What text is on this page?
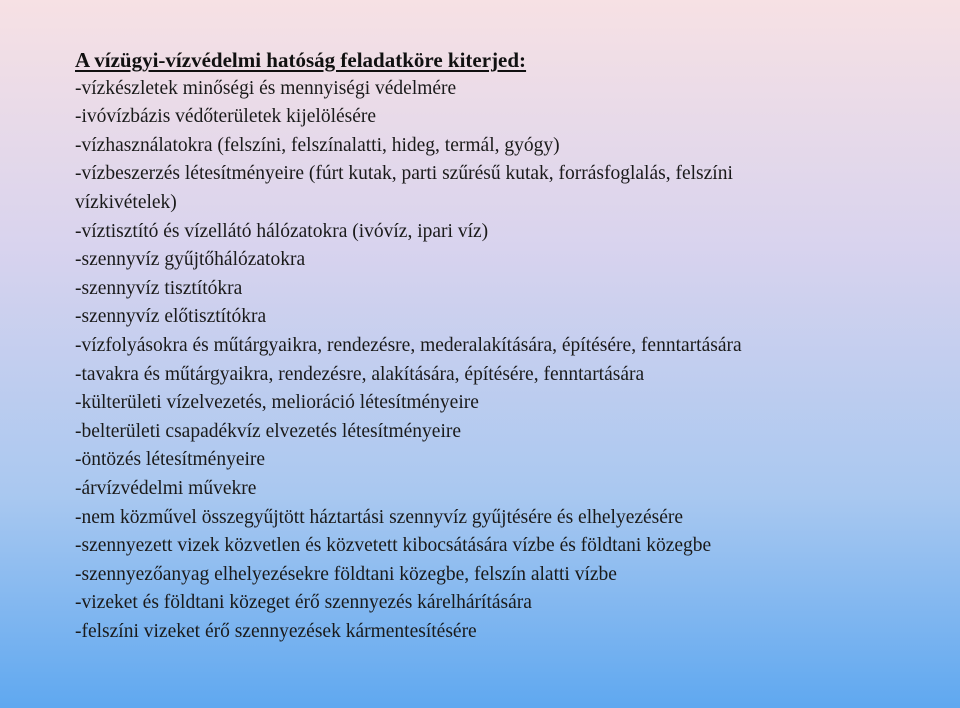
A vízügyi-vízvédelmi hatóság feladatköre kiterjed:
-vízkészletek minőségi és mennyiségi védelmére
-ivóvízbázis védőterületek kijelölésére
-vízhasználatokra (felszíni, felszínalatti, hideg, termál, gyógy)
-vízbeszerzés létesítményeire (fúrt kutak, parti szűrésű kutak, forrásfoglalás, felszíni
vízkivételek)
-víztisztító és vízellátó hálózatokra (ivóvíz, ipari víz)
-szennyvíz gyűjtőhálózatokra
-szennyvíz tisztítókra
-szennyvíz előtisztítókra
-vízfolyásokra és műtárgyaikra, rendezésre, mederalakítására, építésére, fenntartására
-tavakra és műtárgyaikra, rendezésre, alakítására, építésére, fenntartására
-külterületi vízelvezetés, melioráció létesítményeire
-belterületi csapadékvíz elvezetés létesítményeire
-öntözés létesítményeire
-árvízvédelmi művekre
-nem közművel összegyűjtött háztartási szennyvíz gyűjtésére és elhelyezésére
-szennyezett vizek közvetlen és közvetett kibocsátására vízbe és földtani közegbe
-szennyezőanyag elhelyezésekre földtani közegbe, felszín alatti vízbe
-vizeket és földtani közeget érő szennyezés kárelhárítására
-felszíni vizeket érő szennyezések kármentesítésére
